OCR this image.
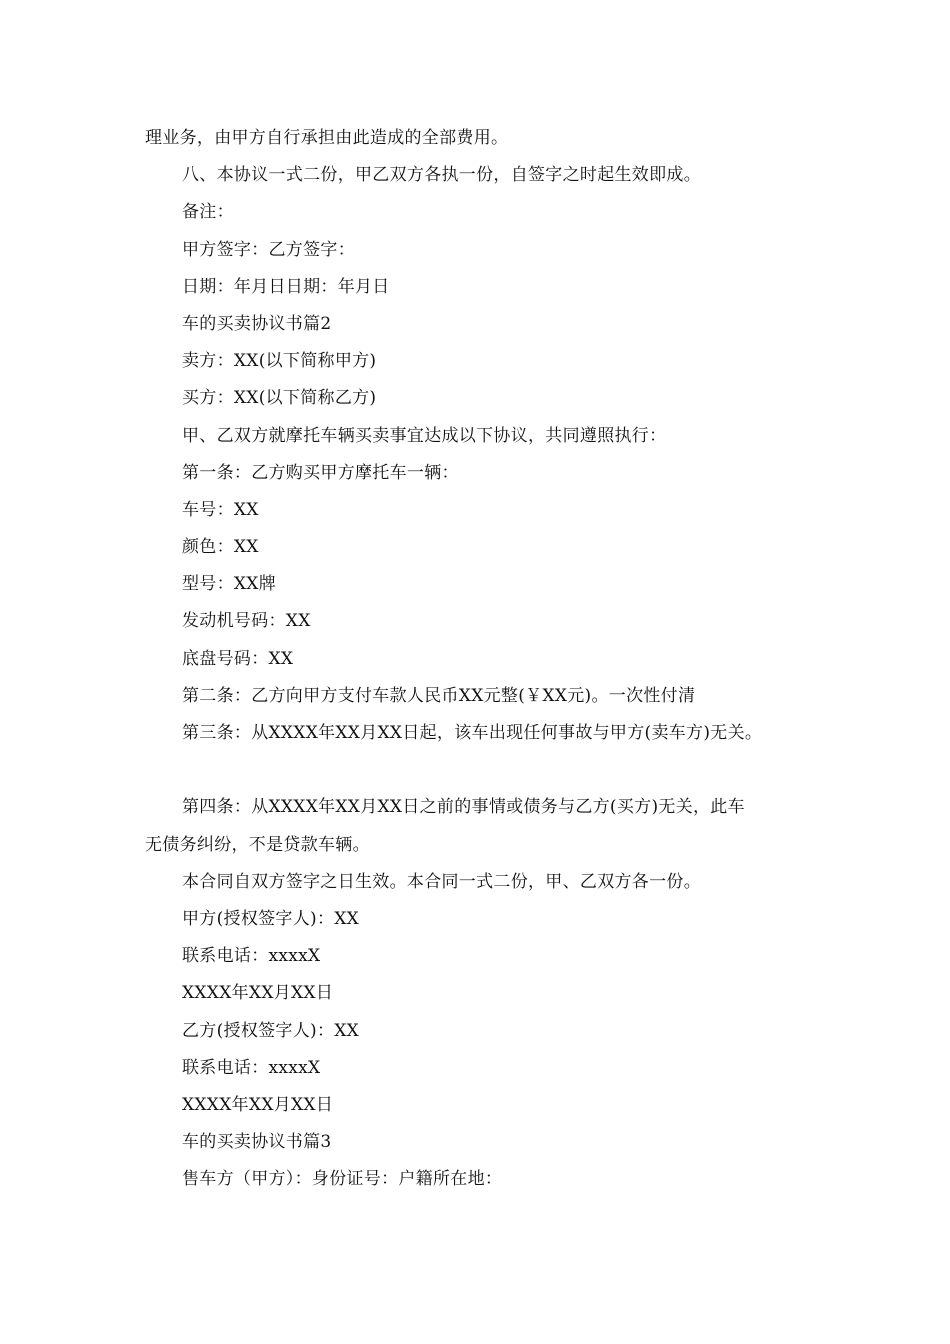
理业务，由甲方自行承担由此造成的全部费用。
八、本协议一式二份，甲乙双方各执一份，自签字之时起生效即成。
备注：
甲方签字：乙方签字：
日期：年月日日期：年月日
车的买卖协议书篇2
卖方：XX(以下简称甲方)
买方：XX(以下简称乙方)
甲、乙双方就摩托车辆买卖事宜达成以下协议，共同遵照执行：
第一条：乙方购买甲方摩托车一辆：
车号：XX
颜色：XX
型号：XX牌
发动机号码：XX
底盘号码：XX
第二条：乙方向甲方支付车款人民币XX元整(￥XX元)。一次性付清
第三条：从XXXX年XX月XX日起，该车出现任何事故与甲方(卖车方)无关。
第四条：从XXXX年XX月XX日之前的事情或债务与乙方(买方)无关，此车
无债务纠纷，不是贷款车辆。
本合同自双方签字之日生效。本合同一式二份，甲、乙双方各一份。
甲方(授权签字人)：XX
联系电话：xxxxX
XXXX年XX月XX日
乙方(授权签字人)：XX
联系电话：xxxxX
XXXX年XX月XX日
车的买卖协议书篇3
售车方（甲方）：身份证号：户籍所在地：
